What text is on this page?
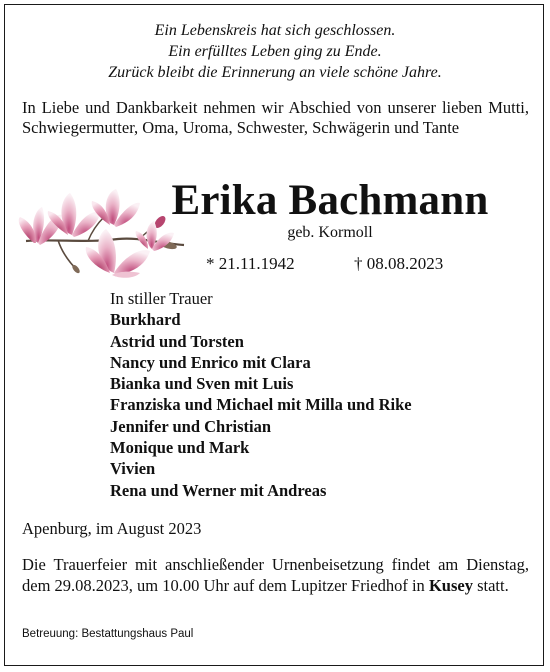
Ein Lebenskreis hat sich geschlossen.
Ein erfülltes Leben ging zu Ende.
Zurück bleibt die Erinnerung an viele schöne Jahre.
In Liebe und Dankbarkeit nehmen wir Abschied von unserer lieben Mutti, Schwiegermutter, Oma, Uroma, Schwester, Schwägerin und Tante
Erika Bachmann
geb. Kormoll
* 21.11.1942	† 08.08.2023
In stiller Trauer
Burkhard
Astrid und Torsten
Nancy und Enrico mit Clara
Bianka und Sven mit Luis
Franziska und Michael mit Milla und Rike
Jennifer und Christian
Monique und Mark
Vivien
Rena und Werner mit Andreas
Apenburg, im August 2023
Die Trauerfeier mit anschließender Urnenbeisetzung findet am Dienstag, dem 29.08.2023, um 10.00 Uhr auf dem Lupitzer Friedhof in Kusey statt.
Betreuung: Bestattungshaus Paul
